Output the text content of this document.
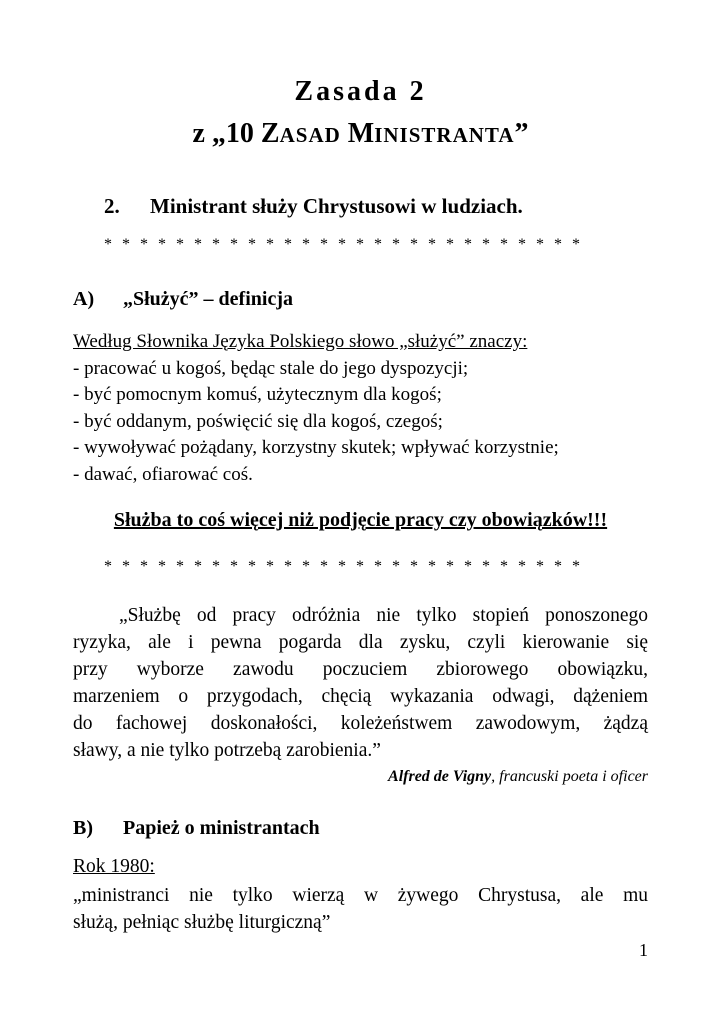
Zasada 2
z „10 ZASAD MINISTRANTA”

2. Ministrant służy Chrystusowi w ludziach.

* * * * * * * * * * * * * * * * * * * * * * * * * * *

A) „Służyć” – definicja
Według Słownika Języka Polskiego słowo „służyć” znaczy:
- pracować u kogoś, będąc stale do jego dyspozycji;
- być pomocnym komuś, użytecznym dla kogoś;
- być oddanym, poświęcić się dla kogoś, czegoś;
- wywoływać pożądany, korzystny skutek; wpływać korzystnie;
- dawać, ofiarować coś.

Służba to coś więcej niż podjęcie pracy czy obowiązków!!!

* * * * * * * * * * * * * * * * * * * * * * * * * * *

„Służbę od pracy odróżnia nie tylko stopień ponoszonego
ryzyka, ale i pewna pogarda dla zysku, czyli kierowanie się
przy wyborze zawodu poczuciem zbiorowego obowiązku,
marzeniem o przygodach, chęcią wykazania odwagi, dążeniem
do fachowej doskonałości, koleżeństwem zawodowym, żądzą
sławy, a nie tylko potrzebą zarobienia.”

Alfred de Vigny, francuski poeta i oficer

B) Papież o ministrantach

Rok 1980:

„ministranci nie tylko wierzą w żywego Chrystusa, ale mu
służą, pełniąc służbę liturgiczną”

1
